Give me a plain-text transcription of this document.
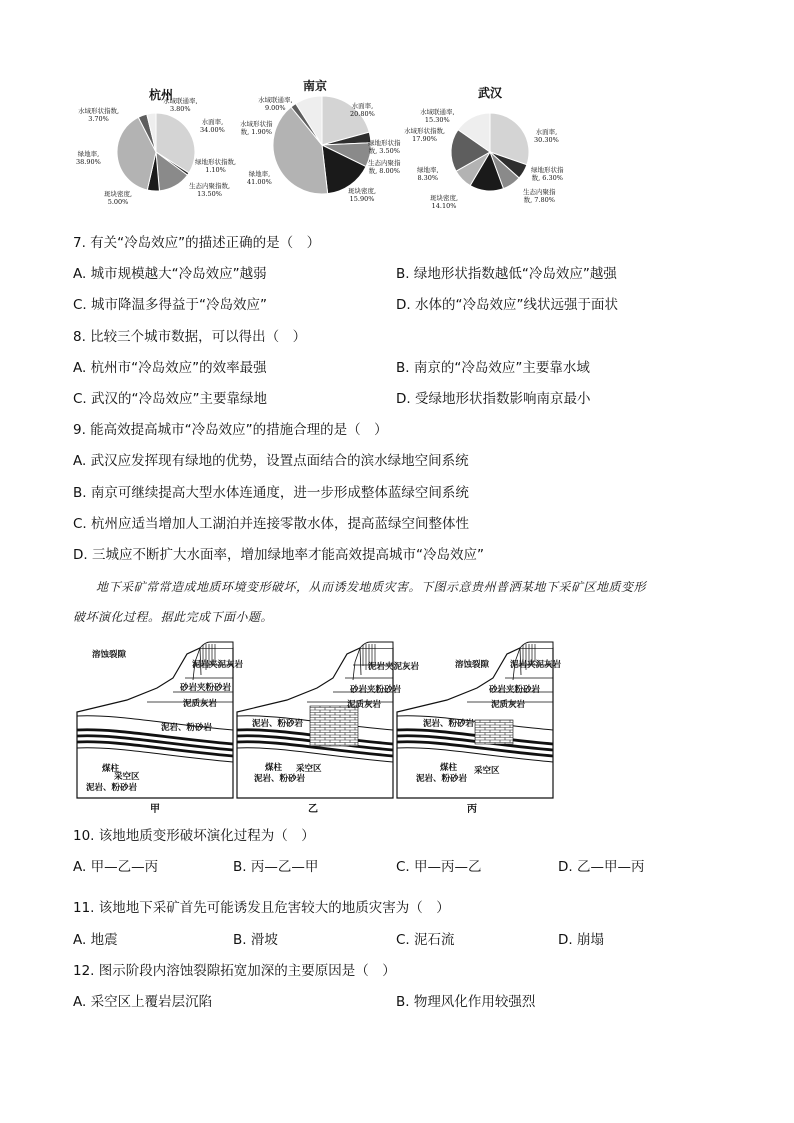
杭州
南京	武汉
水域形状指数,
3.70%
水域联通率,
3.80%
水面率,
34.00%
绿地形状指数,
1.10%
生态内聚指数,
13.50%
斑块密度,
5.00%
绿地率,
38.90%
水域联通率,
9.00%	水面率,
20.80%
水域形状指
数, 1.90%
绿地形状指
数, 3.50%
生态内聚指
数, 8.00%
绿地率,
41.00%
斑块密度,
15.90%
水域联通率,
15.30%
水域形状指数,
17.90%
水面率,
30.30%
绿地形状指
数, 6.30%
绿地率,
8.30%
生态内聚指
数, 7.80%
斑块密度,
14.10%
7. 有关“冷岛效应”的描述正确的是（　）
A. 城市规模越大“冷岛效应”越弱	B. 绿地形状指数越低“冷岛效应”越强
C. 城市降温多得益于“冷岛效应”	D. 水体的“冷岛效应”线状远强于面状
8. 比较三个城市数据，可以得出（　）
A. 杭州市“冷岛效应”的效率最强	B. 南京的“冷岛效应”主要靠水域
C. 武汉的“冷岛效应”主要靠绿地	D. 受绿地形状指数影响南京最小
9. 能高效提高城市“冷岛效应”的措施合理的是（　）
A. 武汉应发挥现有绿地的优势，设置点面结合的滨水绿地空间系统
B. 南京可继续提高大型水体连通度，进一步形成整体蓝绿空间系统
C. 杭州应适当增加人工湖泊并连接零散水体，提高蓝绿空间整体性
D. 三城应不断扩大水面率，增加绿地率才能高效提高城市“冷岛效应”
地下采矿常常造成地质环境变形破坏，从而诱发地质灾害。下图示意贵州普洒某地下采矿区地质变形
破坏演化过程。据此完成下面小题。
溶蚀裂隙
泥岩夹泥灰岩
砂岩夹粉砂岩
泥质灰岩
泥岩、粉砂岩
煤柱
采空区
泥岩、粉砂岩
甲
泥岩夹泥灰岩
砂岩夹粉砂岩
泥质灰岩
泥岩、粉砂岩
煤柱 采空区
泥岩、粉砂岩
乙
溶蚀裂隙 泥岩夹泥灰岩
砂岩夹粉砂岩
泥质灰岩
泥岩、粉砂岩
煤柱 采空区
泥岩、粉砂岩
丙
10. 该地地质变形破坏演化过程为（　）
A. 甲—乙—丙	B. 丙—乙—甲	C. 甲—丙—乙	D. 乙—甲—丙
11. 该地地下采矿首先可能诱发且危害较大的地质灾害为（　）
A. 地震	B. 滑坡	C. 泥石流	D. 崩塌
12. 图示阶段内溶蚀裂隙拓宽加深的主要原因是（　）
A. 采空区上覆岩层沉陷	B. 物理风化作用较强烈
